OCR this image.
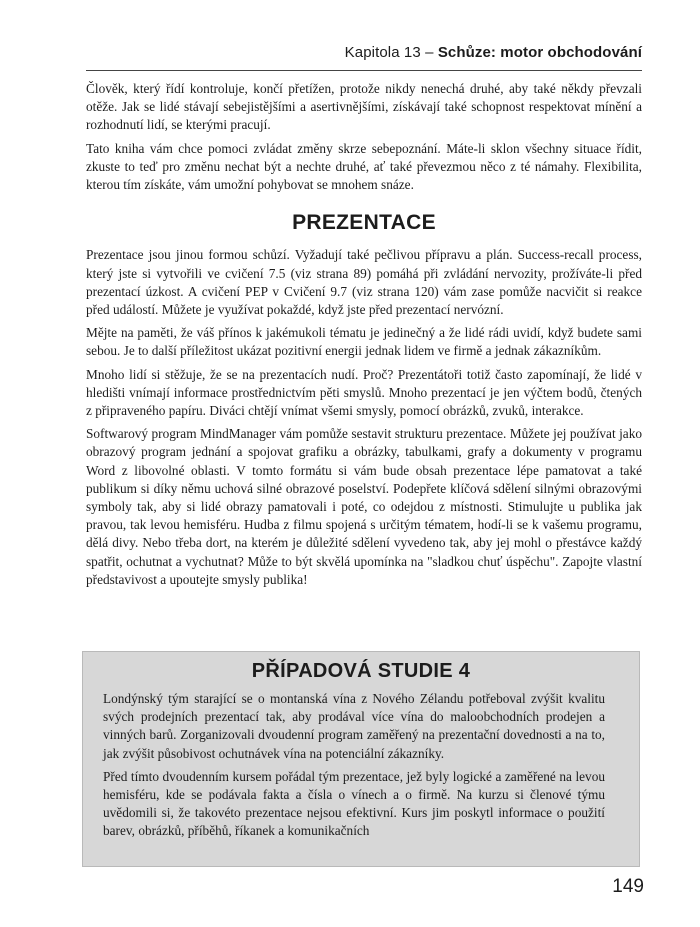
Kapitola 13 – Schůze: motor obchodování

Člověk, který řídí kontroluje, končí přetížen, protože nikdy nenechá druhé, aby také někdy převzali otěže. Jak se lidé stávají sebejistějšími a asertivnějšími, získávají také schopnost respektovat mínění a rozhodnutí lidí, se kterými pracují.

Tato kniha vám chce pomoci zvládat změny skrze sebepoznání. Máte-li sklon všechny situace řídit, zkuste to teď pro změnu nechat být a nechte druhé, ať také převezmou něco z té námahy. Flexibilita, kterou tím získáte, vám umožní pohybovat se mnohem snáze.

PREZENTACE

Prezentace jsou jinou formou schůzí. Vyžadují také pečlivou přípravu a plán. Success-recall process, který jste si vytvořili ve cvičení 7.5 (viz strana 89) pomáhá při zvládání nervozity, prožíváte-li před prezentací úzkost. A cvičení PEP v Cvičení 9.7 (viz strana 120) vám zase pomůže nacvičit si reakce před událostí. Můžete je využívat pokaždé, když jste před prezentací nervózní.

Mějte na paměti, že váš přínos k jakémukoli tématu je jedinečný a že lidé rádi uvidí, když budete sami sebou. Je to další příležitost ukázat pozitivní energii jednak lidem ve firmě a jednak zákazníkům.

Mnoho lidí si stěžuje, že se na prezentacích nudí. Proč? Prezentátoři totiž často zapomínají, že lidé v hledišti vnímají informace prostřednictvím pěti smyslů. Mnoho prezentací je jen výčtem bodů, čtených z připraveného papíru. Diváci chtějí vnímat všemi smysly, pomocí obrázků, zvuků, interakce.

Softwarový program MindManager vám pomůže sestavit strukturu prezentace. Můžete jej používat jako obrazový program jednání a spojovat grafiku a obrázky, tabulkami, grafy a dokumenty v programu Word z libovolné oblasti. V tomto formátu si vám bude obsah prezentace lépe pamatovat a také publikum si díky němu uchová silné obrazové poselství. Podepřete klíčová sdělení silnými obrazovými symboly tak, aby si lidé obrazy pamatovali i poté, co odejdou z místnosti. Stimulujte u publika jak pravou, tak levou hemisféru. Hudba z filmu spojená s určitým tématem, hodí-li se k vašemu programu, dělá divy. Nebo třeba dort, na kterém je důležité sdělení vyvedeno tak, aby jej mohl o přestávce každý spatřit, ochutnat a vychutnat? Může to být skvělá upomínka na "sladkou chuť úspěchu". Zapojte vlastní představivost a upoutejte smysly publika!

PŘÍPADOVÁ STUDIE 4

Londýnský tým starající se o montanská vína z Nového Zélandu potřeboval zvýšit kvalitu svých prodejních prezentací tak, aby prodával více vína do maloobchodních prodejen a vinných barů. Zorganizovali dvoudenní program zaměřený na prezentační dovednosti a na to, jak zvýšit působivost ochutnávek vína na potenciální zákazníky.

Před tímto dvoudenním kursem pořádal tým prezentace, jež byly logické a zaměřené na levou hemisféru, kde se podávala fakta a čísla o vínech a o firmě. Na kurzu si členové týmu uvědomili si, že takovéto prezentace nejsou efektivní. Kurs jim poskytl informace o použití barev, obrázků, příběhů, říkanek a komunikačních

149
